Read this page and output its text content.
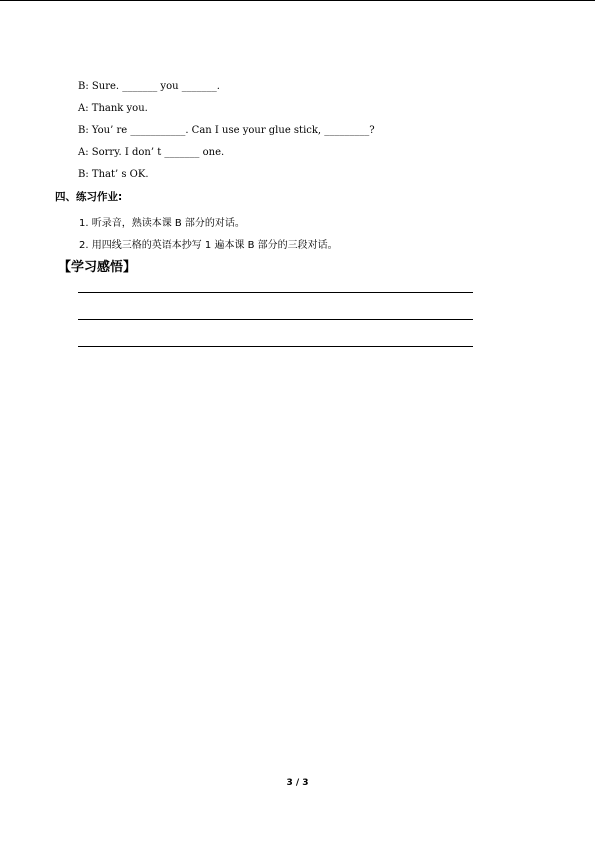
B: Sure. _______ you _______.
A: Thank you.
B: You’ re ___________. Can I use your glue stick, _________?
A: Sorry. I don’ t _______ one.
B: That’ s OK.
四、练习作业:
1. 听录音，熟读本课 B 部分的对话。
2. 用四线三格的英语本抄写 1 遍本课 B 部分的三段对话。
【学习感悟】
3 / 3
